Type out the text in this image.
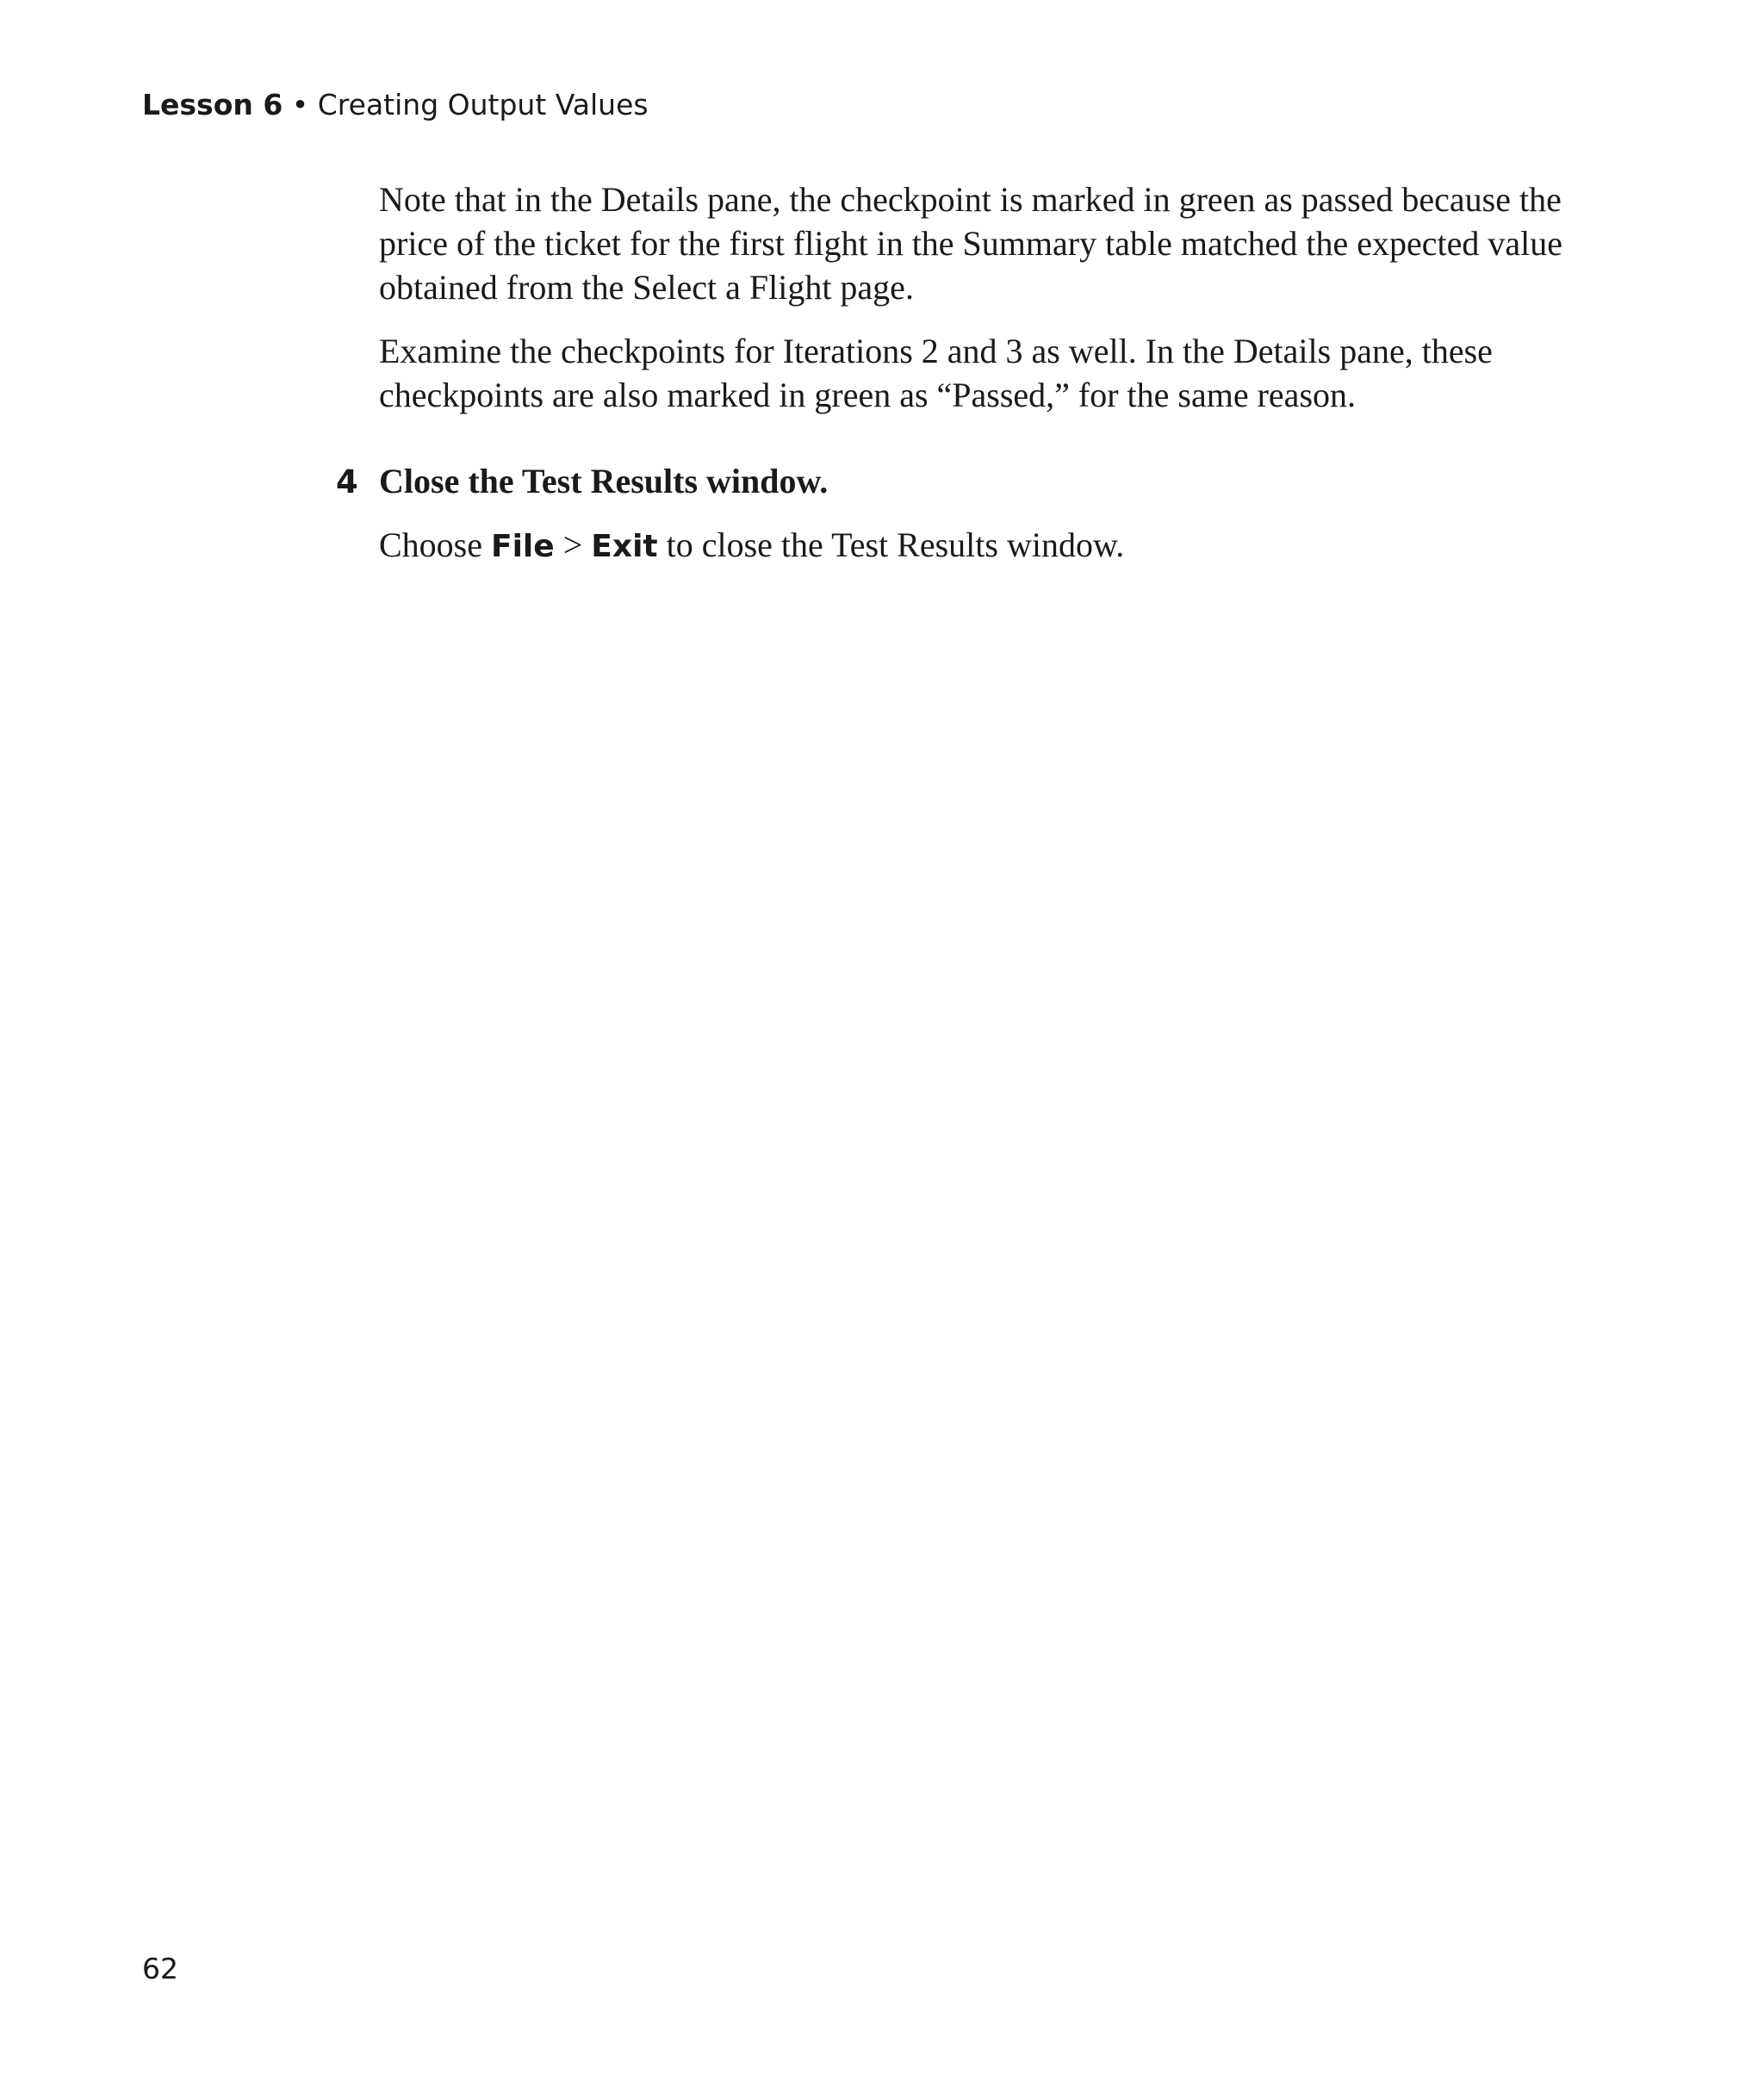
Lesson 6 • Creating Output Values

Note that in the Details pane, the checkpoint is marked in green as passed because the price of the ticket for the first flight in the Summary table matched the expected value obtained from the Select a Flight page.

Examine the checkpoints for Iterations 2 and 3 as well. In the Details pane, these checkpoints are also marked in green as “Passed,” for the same reason.

4 Close the Test Results window.

Choose File > Exit to close the Test Results window.

62
